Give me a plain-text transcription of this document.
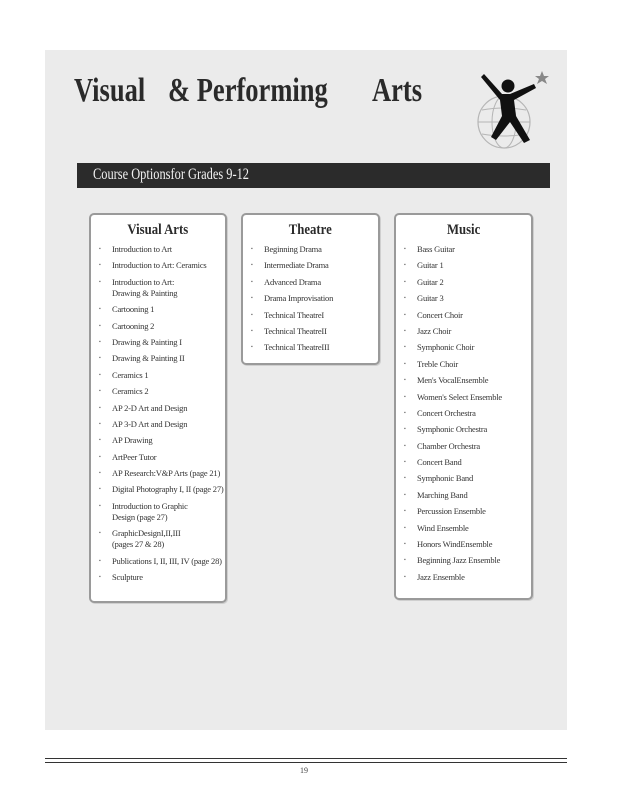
Visual & Performing Arts
Course Optionsfor Grades 9-12
Visual Arts
▪ Introduction to Art
▪ Introduction to Art: Ceramics
▪ Introduction to Art:
Drawing & Painting
▪ Cartooning 1
▪ Cartooning 2
▪ Drawing & Painting I
▪ Drawing & Painting II
▪ Ceramics 1
▪ Ceramics 2
▪ AP 2-D Art and Design
▪ AP 3-D Art and Design
▪ AP Drawing
▪ ArtPeer Tutor
▪ AP Research:V&P Arts (page 21)
▪ Digital Photography I, II (page 27)
▪ Introduction to Graphic
Design (page 27)
▪ GraphicDesignI,II,III
(pages 27 & 28)
▪ Publications I, II, III, IV (page 28)
▪ Sculpture
Theatre
▪ Beginning Drama
▪ Intermediate Drama
▪ Advanced Drama
▪ Drama Improvisation
▪ Technical TheatreI
▪ Technical TheatreII
▪ Technical TheatreIII
Music
▪ Bass Guitar
▪ Guitar 1
▪ Guitar 2
▪ Guitar 3
▪ Concert Choir
▪ Jazz Choir
▪ Symphonic Choir
▪ Treble Choir
▪ Men's VocalEnsemble
▪ Women's Select Ensemble
▪ Concert Orchestra
▪ Symphonic Orchestra
▪ Chamber Orchestra
▪ Concert Band
▪ Symphonic Band
▪ Marching Band
▪ Percussion Ensemble
▪ Wind Ensemble
▪ Honors WindEnsemble
▪ Beginning Jazz Ensemble
▪ Jazz Ensemble
19
